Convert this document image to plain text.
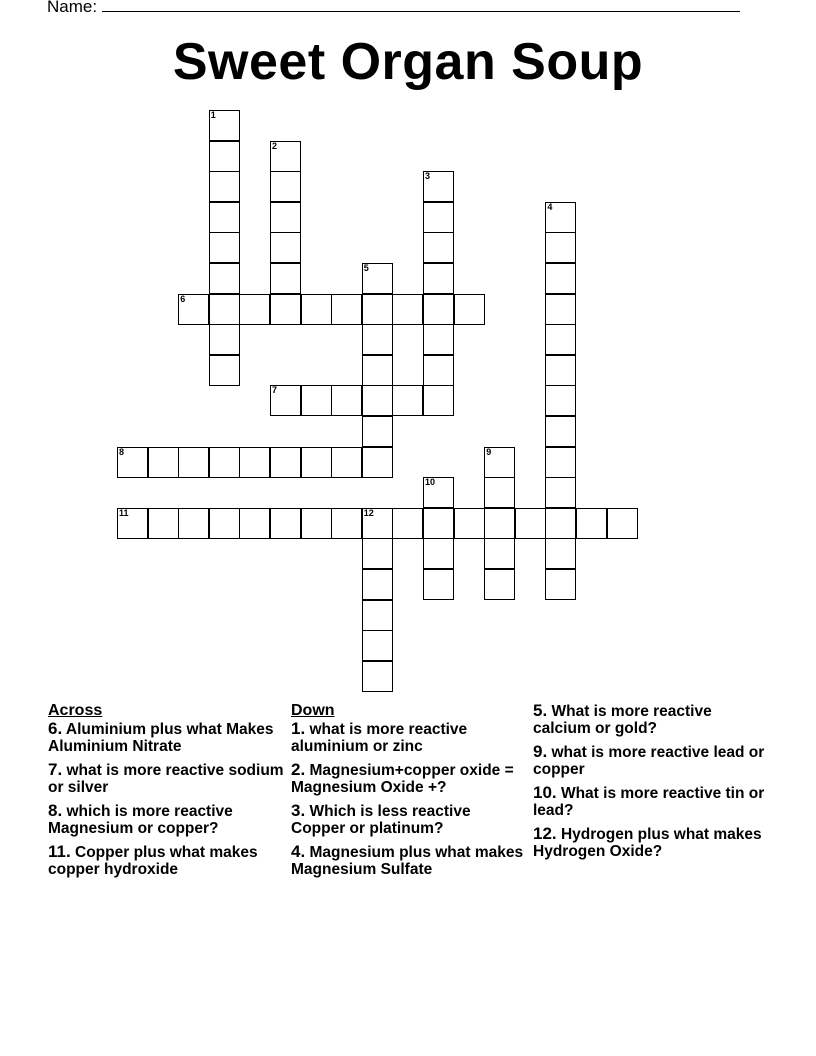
Name:
Sweet Organ Soup
1
2
3
4
5
6
7
8	9
10
11	12
Across
6. Aluminium plus what Makes Aluminium Nitrate
7. what is more reactive sodium or silver
8. which is more reactive Magnesium or copper?
11. Copper plus what makes copper hydroxide
Down
1. what is more reactive aluminium or zinc
2. Magnesium+copper oxide = Magnesium Oxide +?
3. Which is less reactive Copper or platinum?
4. Magnesium plus what makes Magnesium Sulfate
5. What is more reactive calcium or gold?
9. what is more reactive lead or copper
10. What is more reactive tin or lead?
12. Hydrogen plus what makes Hydrogen Oxide?
